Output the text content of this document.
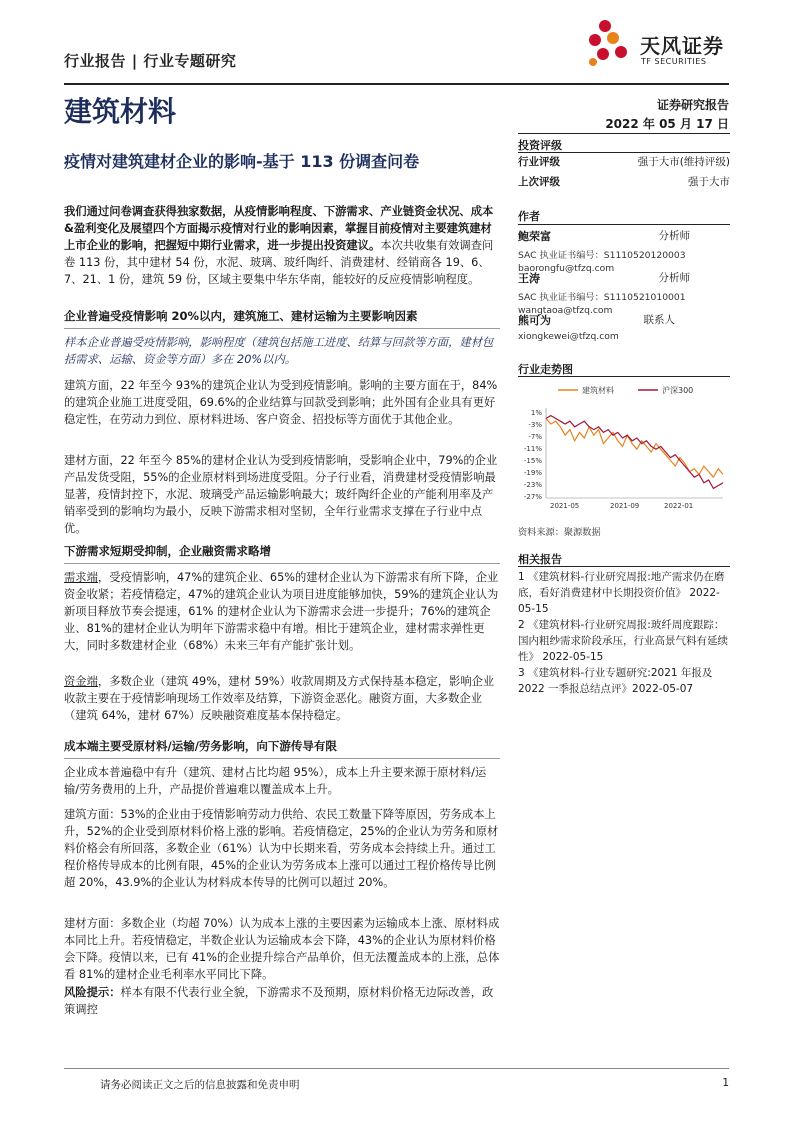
行业报告 | 行业专题研究
天风证券
TF SECURITIES
建筑材料	证券研究报告
2022 年 05 月 17 日
疫情对建筑建材企业的影响-基于 113 份调查问卷

我们通过问卷调查获得独家数据，从疫情影响程度、下游需求、产业链资金状况、成本&盈利变化及展望四个方面揭示疫情对行业的影响因素，掌握目前疫情对主要建筑建材上市企业的影响，把握短中期行业需求，进一步提出投资建议。本次共收集有效调查问卷 113 份，其中建材 54 份，水泥、玻璃、玻纤陶纤、消费建材、经销商各 19、6、7、21、1 份，建筑 59 份，区域主要集中华东华南，能较好的反应疫情影响程度。

企业普遍受疫情影响 20%以内，建筑施工、建材运输为主要影响因素
样本企业普遍受疫情影响，影响程度（建筑包括施工进度、结算与回款等方面，建材包括需求、运输、资金等方面）多在 20%以内。
建筑方面，22 年至今 93%的建筑企业认为受到疫情影响。影响的主要方面在于，84%的建筑企业施工进度受阻，69.6%的企业结算与回款受到影响；此外国有企业具有更好稳定性，在劳动力到位、原材料进场、客户资金、招投标等方面优于其他企业。
建材方面，22 年至今 85%的建材企业认为受到疫情影响，受影响企业中，79%的企业产品发货受阻，55%的企业原材料到场进度受阻。分子行业看，消费建材受疫情影响最显著，疫情封控下，水泥、玻璃受产品运输影响最大；玻纤陶纤企业的产能利用率及产销率受到的影响均为最小，反映下游需求相对坚韧，全年行业需求支撑在子行业中点优。
下游需求短期受抑制，企业融资需求略增
需求端，受疫情影响，47%的建筑企业、65%的建材企业认为下游需求有所下降，企业资金收紧；若疫情稳定，47%的建筑企业认为项目进度能够加快，59%的建筑企业认为新项目释放节奏会提速，61% 的建材企业认为下游需求会进一步提升；76%的建筑企业、81%的建材企业认为明年下游需求稳中有增。相比于建筑企业，建材需求弹性更大，同时多数建材企业（68%）未来三年有产能扩张计划。
资金端，多数企业（建筑 49%，建材 59%）收款周期及方式保持基本稳定，影响企业收款主要在于疫情影响现场工作效率及结算，下游资金恶化。融资方面，大多数企业（建筑 64%，建材 67%）反映融资难度基本保持稳定。
成本端主要受原材料/运输/劳务影响，向下游传导有限
企业成本普遍稳中有升（建筑、建材占比均超 95%），成本上升主要来源于原材料/运输/劳务费用的上升，产品提价普遍难以覆盖成本上升。
建筑方面：53%的企业由于疫情影响劳动力供给、农民工数量下降等原因，劳务成本上升，52%的企业受到原材料价格上涨的影响。若疫情稳定，25%的企业认为劳务和原材料价格会有所回落，多数企业（61%）认为中长期来看，劳务成本会持续上升。通过工程价格传导成本的比例有限，45%的企业认为劳务成本上涨可以通过工程价格传导比例超 20%，43.9%的企业认为材料成本传导的比例可以超过 20%。
建材方面：多数企业（均超 70%）认为成本上涨的主要因素为运输成本上涨、原材料成本同比上升。若疫情稳定，半数企业认为运输成本会下降，43%的企业认为原材料价格会下降。疫情以来，已有 41%的企业提升综合产品单价，但无法覆盖成本的上涨，总体看 81%的建材企业毛利率水平同比下降。
风险提示：样本有限不代表行业全貌，下游需求不及预期，原材料价格无边际改善，政策调控
投资评级
行业评级	强于大市(维持评级)
上次评级	强于大市
作者
鲍荣富	分析师
SAC 执业证书编号：S1110520120003
baorongfu@tfzq.com
王涛	分析师
SAC 执业证书编号：S1110521010001
wangtaoa@tfzq.com
熊可为	联系人
xiongkewei@tfzq.com
行业走势图
建筑材料	沪深300
1%
-3%
-7%
-11%
-15%
-19%
-23%
-27%
2021-05	2021-09	2022-01
资料来源：聚源数据
相关报告
1 《建筑材料-行业研究周报:地产需求仍在磨底，看好消费建材中长期投资价值》 2022-05-15
2 《建筑材料-行业研究周报:玻纤周度跟踪：国内粗纱需求阶段承压，行业高景气料有延续性》 2022-05-15
3 《建筑材料-行业专题研究:2021 年报及 2022 一季报总结点评》2022-05-07
请务必阅读正文之后的信息披露和免责申明	1
